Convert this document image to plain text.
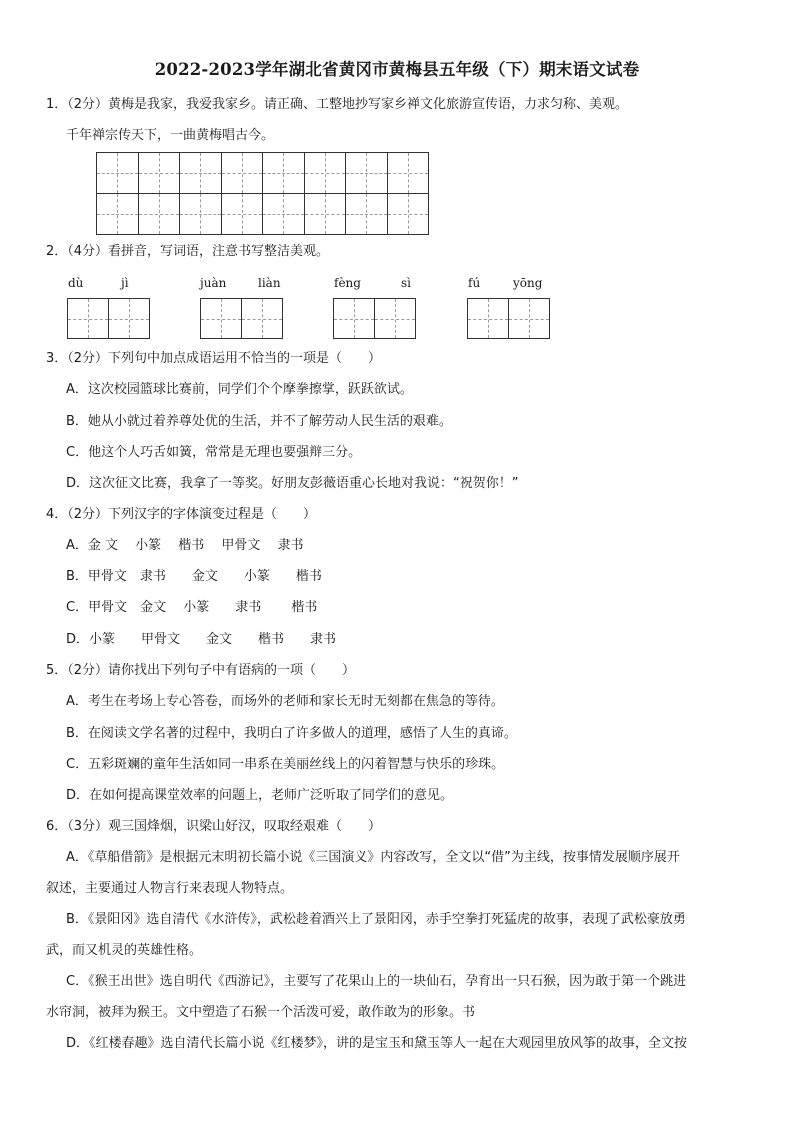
2022-2023学年湖北省黄冈市黄梅县五年级（下）期末语文试卷
1．（2分）黄梅是我家，我爱我家乡。请正确、工整地抄写家乡禅文化旅游宣传语，力求匀称、美观。
千年禅宗传天下，一曲黄梅唱古今。
2．（4分）看拼音，写词语，注意书写整洁美观。
dù	jì	juàn	liàn	fèng	sì	fú	yōng
3．（2分）下列句中加点成语运用不恰当的一项是（　　）
A．这次校园篮球比赛前，同学们个个摩拳擦掌，跃跃欲试。
B．她从小就过着养尊处优的生活，并不了解劳动人民生活的艰难。
C．他这个人巧舌如簧，常常是无理也要强辩三分。
D．这次征文比赛，我拿了一等奖。好朋友彭薇语重心长地对我说：“祝贺你！”
4．（2分）下列汉字的字体演变过程是（　　）
A．金 文　 小篆　 楷书　 甲骨文　 隶书
B．甲骨文　隶书　　金文　　小篆　　楷书
C．甲骨文　金文　 小篆　　隶书　　 楷书
D．小篆　　甲骨文　　金文　　楷书　　隶书
5．（2分）请你找出下列句子中有语病的一项（　　）
A．考生在考场上专心答卷，而场外的老师和家长无时无刻都在焦急的等待。
B．在阅读文学名著的过程中，我明白了许多做人的道理，感悟了人生的真谛。
C．五彩斑斓的童年生活如同一串系在美丽丝线上的闪着智慧与快乐的珍珠。
D．在如何提高课堂效率的问题上，老师广泛听取了同学们的意见。
6．（3分）观三国烽烟，识梁山好汉，叹取经艰难（　　）
A．《草船借箭》是根据元末明初长篇小说《三国演义》内容改写，全文以“借”为主线，按事情发展顺序展开
叙述，主要通过人物言行来表现人物特点。
B．《景阳冈》选自清代《水浒传》，武松趁着酒兴上了景阳冈，赤手空拳打死猛虎的故事，表现了武松豪放勇
武，而又机灵的英雄性格。
C．《猴王出世》选自明代《西游记》，主要写了花果山上的一块仙石，孕育出一只石猴，因为敢于第一个跳进
水帘洞，被拜为猴王。文中塑造了石猴一个活泼可爱，敢作敢为的形象。书
D．《红楼春趣》选自清代长篇小说《红楼梦》，讲的是宝玉和黛玉等人一起在大观园里放风筝的故事，全文按
